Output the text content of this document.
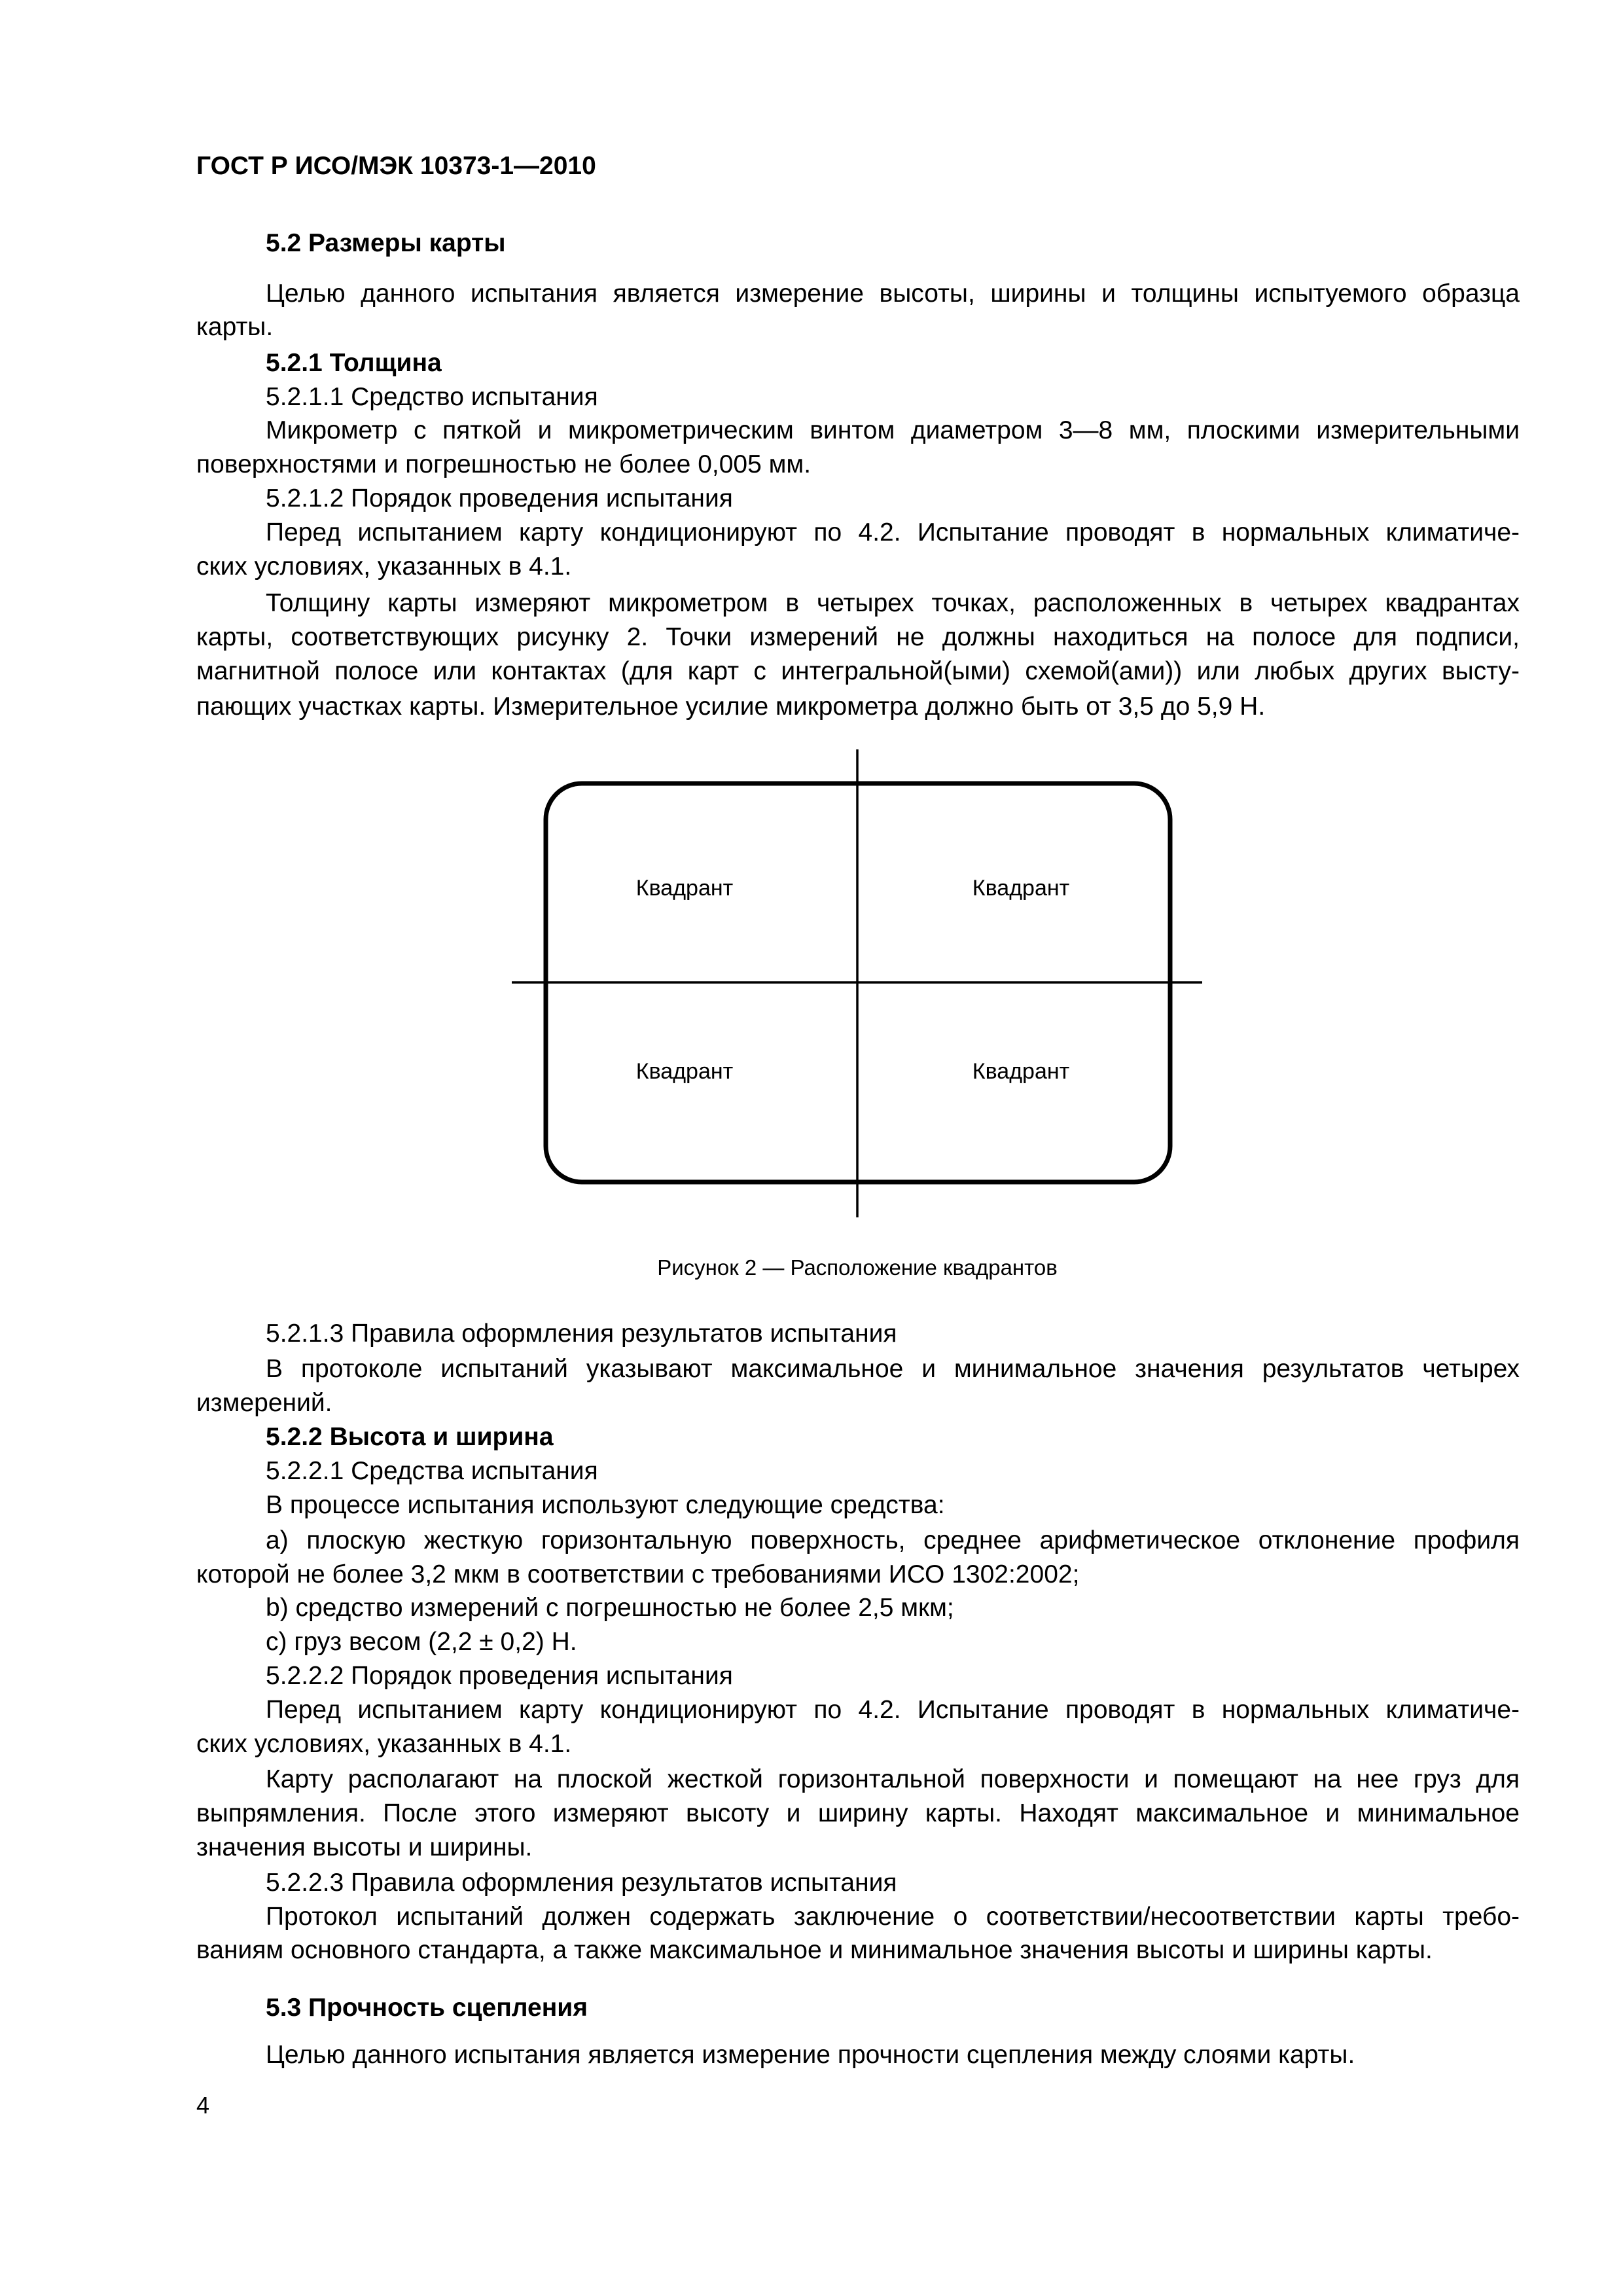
ГОСТ Р ИСО/МЭК 10373-1—2010
5.2 Размеры карты
Целью данного испытания является измерение высоты, ширины и толщины испытуемого образца
карты.
5.2.1 Толщина
5.2.1.1 Средство испытания
Микрометр с пяткой и микрометрическим винтом диаметром 3—8 мм, плоскими измерительными
поверхностями и погрешностью не более 0,005 мм.
5.2.1.2 Порядок проведения испытания
Перед испытанием карту кондиционируют по 4.2. Испытание проводят в нормальных климатиче-
ских условиях, указанных в 4.1.
Толщину карты измеряют микрометром в четырех точках, расположенных в четырех квадрантах
карты, соответствующих рисунку 2. Точки измерений не должны находиться на полосе для подписи,
магнитной полосе или контактах (для карт с интегральной(ыми) схемой(ами)) или любых других высту-
пающих участках карты. Измерительное усилие микрометра должно быть от 3,5 до 5,9 Н.
Квадрант	Квадрант
Квадрант	Квадрант
Рисунок 2 — Расположение квадрантов
5.2.1.3 Правила оформления результатов испытания
В протоколе испытаний указывают максимальное и минимальное значения результатов четырех
измерений.
5.2.2 Высота и ширина
5.2.2.1 Средства испытания
В процессе испытания используют следующие средства:
a) плоскую жесткую горизонтальную поверхность, среднее арифметическое отклонение профиля
которой не более 3,2 мкм в соответствии с требованиями ИСО 1302:2002;
b) средство измерений с погрешностью не более 2,5 мкм;
c) груз весом (2,2 ± 0,2) Н.
5.2.2.2 Порядок проведения испытания
Перед испытанием карту кондиционируют по 4.2. Испытание проводят в нормальных климатиче-
ских условиях, указанных в 4.1.
Карту располагают на плоской жесткой горизонтальной поверхности и помещают на нее груз для
выпрямления. После этого измеряют высоту и ширину карты. Находят максимальное и минимальное
значения высоты и ширины.
5.2.2.3 Правила оформления результатов испытания
Протокол испытаний должен содержать заключение о соответствии/несоответствии карты требо-
ваниям основного стандарта, а также максимальное и минимальное значения высоты и ширины карты.
5.3 Прочность сцепления
Целью данного испытания является измерение прочности сцепления между слоями карты.
4
